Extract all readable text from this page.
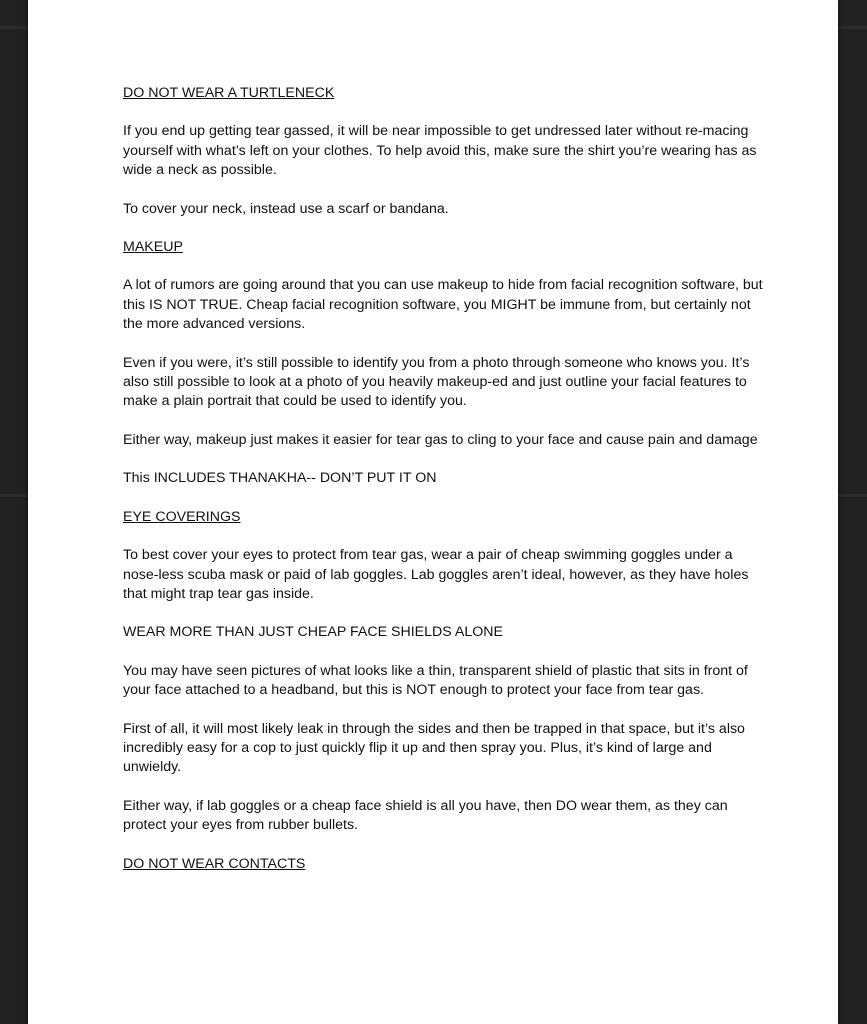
DO NOT WEAR A TURTLENECK

If you end up getting tear gassed, it will be near impossible to get undressed later without re-macing yourself with what’s left on your clothes. To help avoid this, make sure the shirt you’re wearing has as wide a neck as possible.

To cover your neck, instead use a scarf or bandana.

MAKEUP

A lot of rumors are going around that you can use makeup to hide from facial recognition software, but this IS NOT TRUE. Cheap facial recognition software, you MIGHT be immune from, but certainly not the more advanced versions.

Even if you were, it’s still possible to identify you from a photo through someone who knows you. It’s also still possible to look at a photo of you heavily makeup-ed and just outline your facial features to make a plain portrait that could be used to identify you.

Either way, makeup just makes it easier for tear gas to cling to your face and cause pain and damage

This INCLUDES THANAKHA-- DON’T PUT IT ON

EYE COVERINGS

To best cover your eyes to protect from tear gas, wear a pair of cheap swimming goggles under a nose-less scuba mask or paid of lab goggles. Lab goggles aren’t ideal, however, as they have holes that might trap tear gas inside.

WEAR MORE THAN JUST CHEAP FACE SHIELDS ALONE

You may have seen pictures of what looks like a thin, transparent shield of plastic that sits in front of your face attached to a headband, but this is NOT enough to protect your face from tear gas.

First of all, it will most likely leak in through the sides and then be trapped in that space, but it’s also incredibly easy for a cop to just quickly flip it up and then spray you. Plus, it’s kind of large and unwieldy.

Either way, if lab goggles or a cheap face shield is all you have, then DO wear them, as they can protect your eyes from rubber bullets.

DO NOT WEAR CONTACTS
